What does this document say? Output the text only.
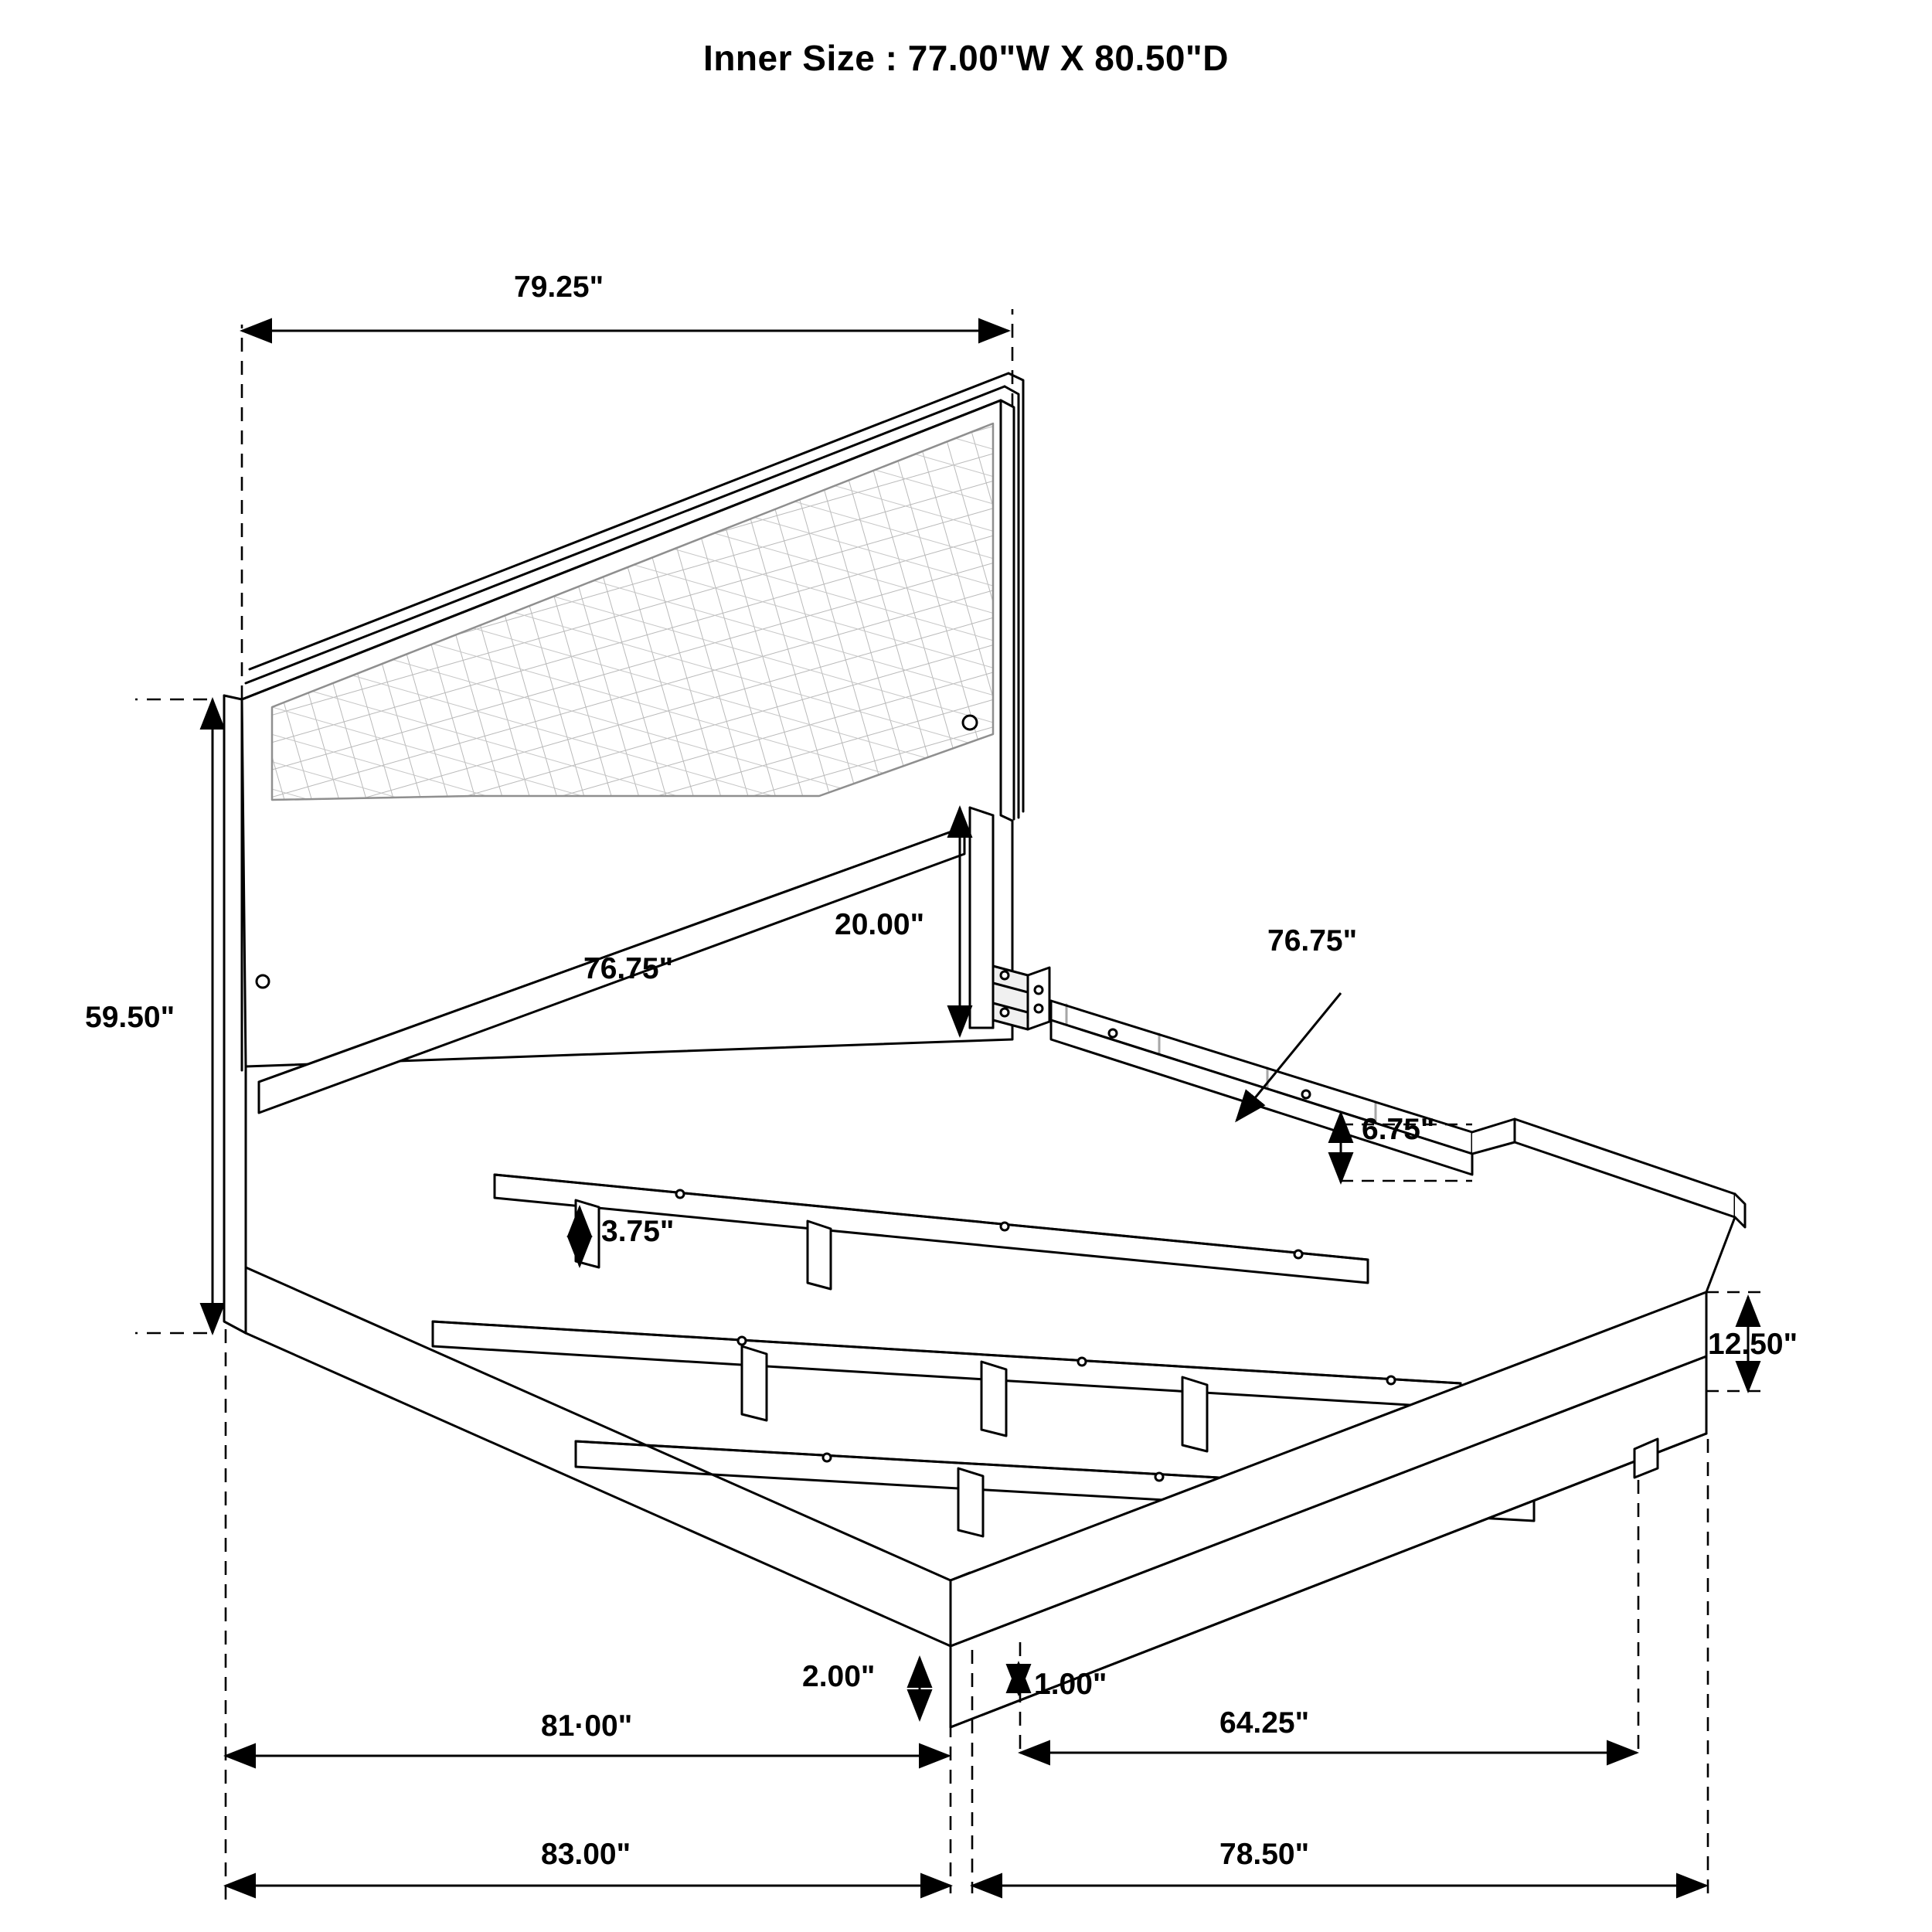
Inner Size : 77.00"W X 80.50"D
79.25"
59.50"
76.75"
20.00"	76.75"
6.75"
3.75"
12.50"
2.00"	1.00"
81·00"	64.25"
83.00"	78.50"
